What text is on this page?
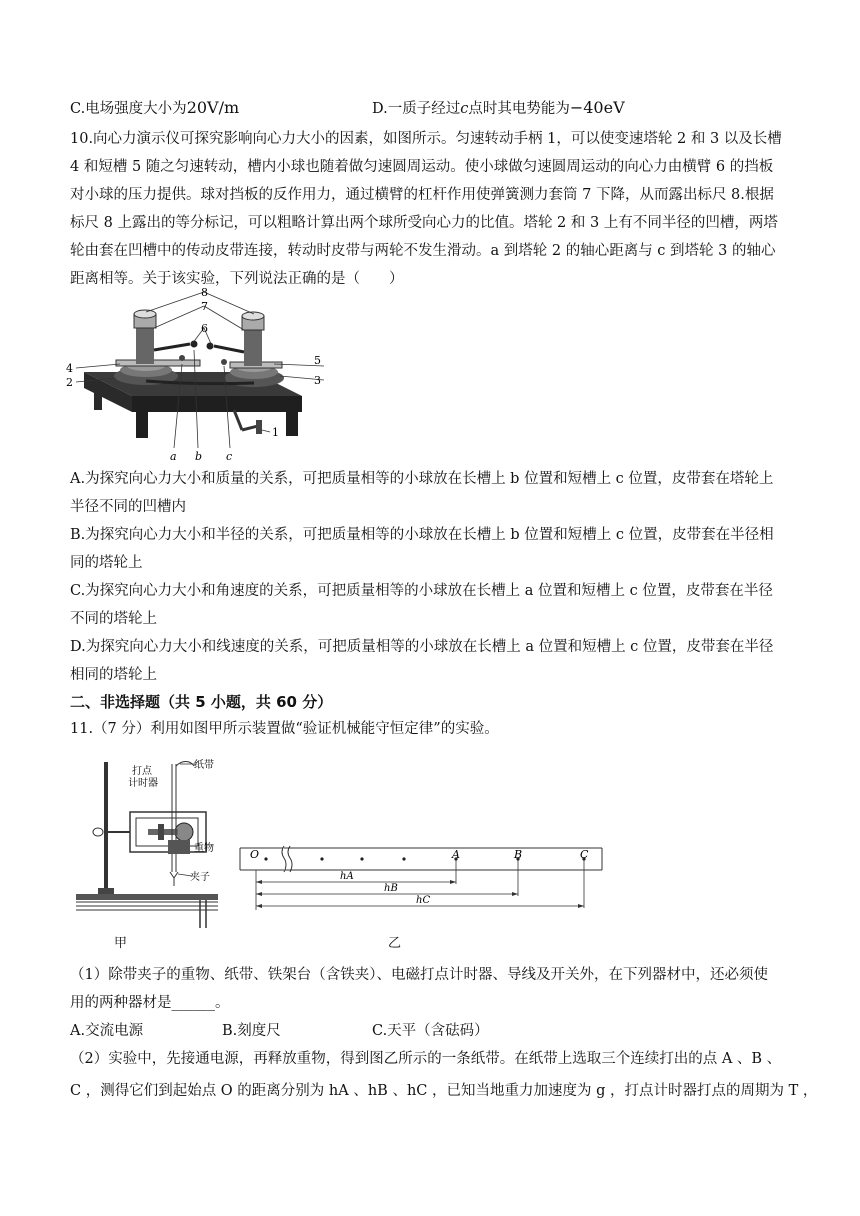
C.电场强度大小为20V/m	D.一质子经过c点时其电势能为−40eV
10.向心力演示仪可探究影响向心力大小的因素，如图所示。匀速转动手柄 1，可以使变速塔轮 2 和 3 以及长槽
4 和短槽 5 随之匀速转动，槽内小球也随着做匀速圆周运动。使小球做匀速圆周运动的向心力由横臂 6 的挡板
对小球的压力提供。球对挡板的反作用力，通过横臂的杠杆作用使弹簧测力套筒 7 下降，从而露出标尺 8.根据
标尺 8 上露出的等分标记，可以粗略计算出两个球所受向心力的比值。塔轮 2 和 3 上有不同半径的凹槽，两塔
轮由套在凹槽中的传动皮带连接，转动时皮带与两轮不发生滑动。a 到塔轮 2 的轴心距离与 c 到塔轮 3 的轴心
距离相等。关于该实验，下列说法正确的是（　　）
8
7
6
5
4
3
2
1
a b c
A.为探究向心力大小和质量的关系，可把质量相等的小球放在长槽上 b 位置和短槽上 c 位置，皮带套在塔轮上
半径不同的凹槽内
B.为探究向心力大小和半径的关系，可把质量相等的小球放在长槽上 b 位置和短槽上 c 位置，皮带套在半径相
同的塔轮上
C.为探究向心力大小和角速度的关系，可把质量相等的小球放在长槽上 a 位置和短槽上 c 位置，皮带套在半径
不同的塔轮上
D.为探究向心力大小和线速度的关系，可把质量相等的小球放在长槽上 a 位置和短槽上 c 位置，皮带套在半径
相同的塔轮上
二、非选择题（共 5 小题，共 60 分）
11.（7 分）利用如图甲所示装置做“验证机械能守恒定律”的实验。
打点
计时器
纸带
夹子
重物
甲
O	A	B	C
hA
hB
hC
乙
（1）除带夹子的重物、纸带、铁架台（含铁夹）、电磁打点计时器、导线及开关外，在下列器材中，还必须使
用的两种器材是______。
A.交流电源	B.刻度尺	C.天平（含砝码）
（2）实验中，先接通电源，再释放重物，得到图乙所示的一条纸带。在纸带上选取三个连续打出的点 A 、B 、
C ，测得它们到起始点 O 的距离分别为 hA 、hB 、hC ，已知当地重力加速度为 g ，打点计时器打点的周期为 T ，
